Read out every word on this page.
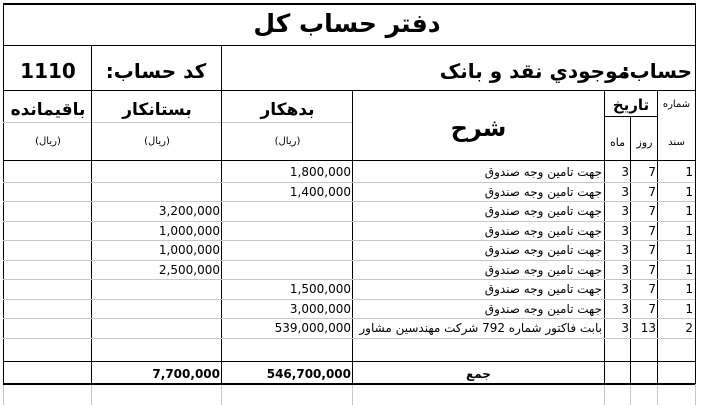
دفتر حساب کل
حساب:
موجودي نقد و بانک
کد حساب:
1110
شماره
سند
تاریخ
روز
ماه
شرح
بدهکار
بستانکار
باقیمانده
(ریال)
(ریال)
(ریال)
1
7
3
جهت تامین وجه صندوق
1,800,000
1
7
3
جهت تامین وجه صندوق
1,400,000
1
7
3
جهت تامین وجه صندوق
3,200,000
1
7
3
جهت تامین وجه صندوق
1,000,000
1
7
3
جهت تامین وجه صندوق
1,000,000
1
7
3
جهت تامین وجه صندوق
2,500,000
1
7
3
جهت تامین وجه صندوق
1,500,000
1
7
3
جهت تامین وجه صندوق
3,000,000
2
13
3
بابت فاکتور شماره 792 شرکت مهندسین مشاور
539,000,000
جمع
546,700,000
7,700,000
